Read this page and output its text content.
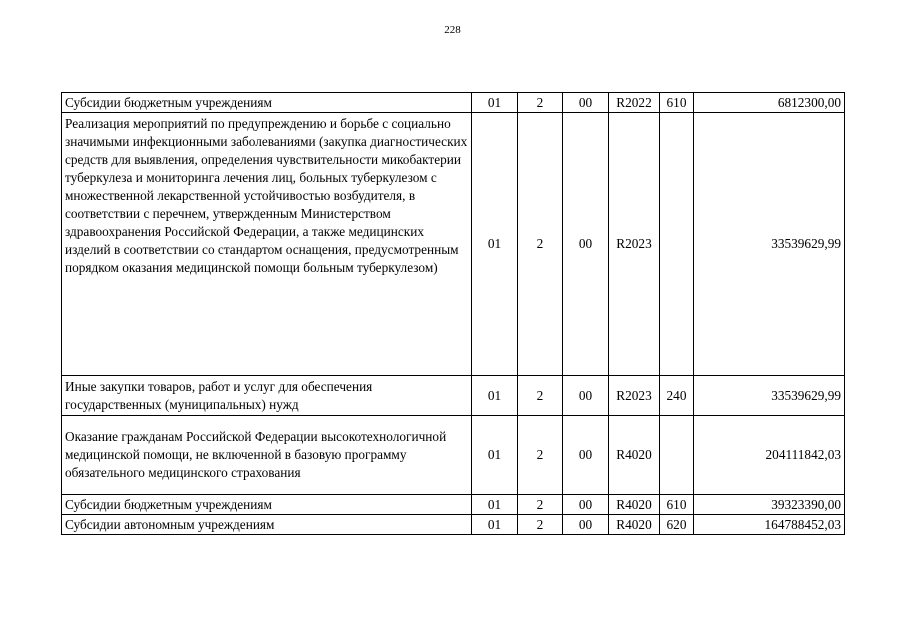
228
Субсидии бюджетным учреждениям	01	2	00	R2022	610	6812300,00

Реализация мероприятий по предупреждению и борьбе с социально значимыми инфекционными заболеваниями (закупка диагностических средств для выявления, определения чувствительности микобактерии туберкулеза и мониторинга лечения лиц, больных туберкулезом с множественной лекарственной устойчивостью возбудителя, в соответствии с перечнем, утвержденным Министерством здравоохранения Российской Федерации, а также медицинских изделий в соответствии со стандартом оснащения, предусмотренным порядком оказания медицинской помощи больным туберкулезом)	01	2	00	R2023		33539629,99

Иные закупки товаров, работ и услуг для обеспечения государственных (муниципальных) нужд	01	2	00	R2023	240	33539629,99

Оказание гражданам Российской Федерации высокотехнологичной медицинской помощи, не включенной в базовую программу обязательного медицинского страхования	01	2	00	R4020		204111842,03

Субсидии бюджетным учреждениям	01	2	00	R4020	610	39323390,00

Субсидии автономным учреждениям	01	2	00	R4020	620	164788452,03
